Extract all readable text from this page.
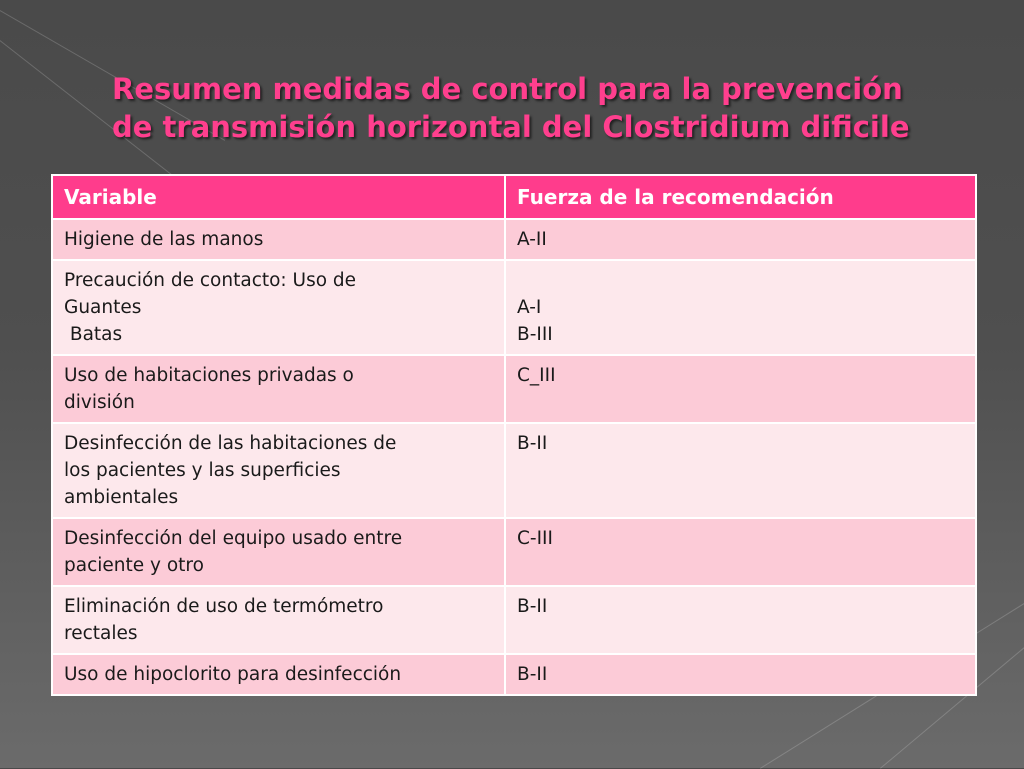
Resumen medidas de control para la prevención
de transmisión horizontal del Clostridium dificile
Variable	Fuerza de la recomendación

Higiene de las manos	A-II

Precaución de contacto: Uso de
Guantes
Batas	A-I
B-III

Uso de habitaciones privadas o
división	C_III

Desinfección de las habitaciones de
los pacientes y las superficies
ambientales	B-II

Desinfección del equipo usado entre
paciente y otro	C-III

Eliminación de uso de termómetro
rectales	B-II

Uso de hipoclorito para desinfección	B-II
